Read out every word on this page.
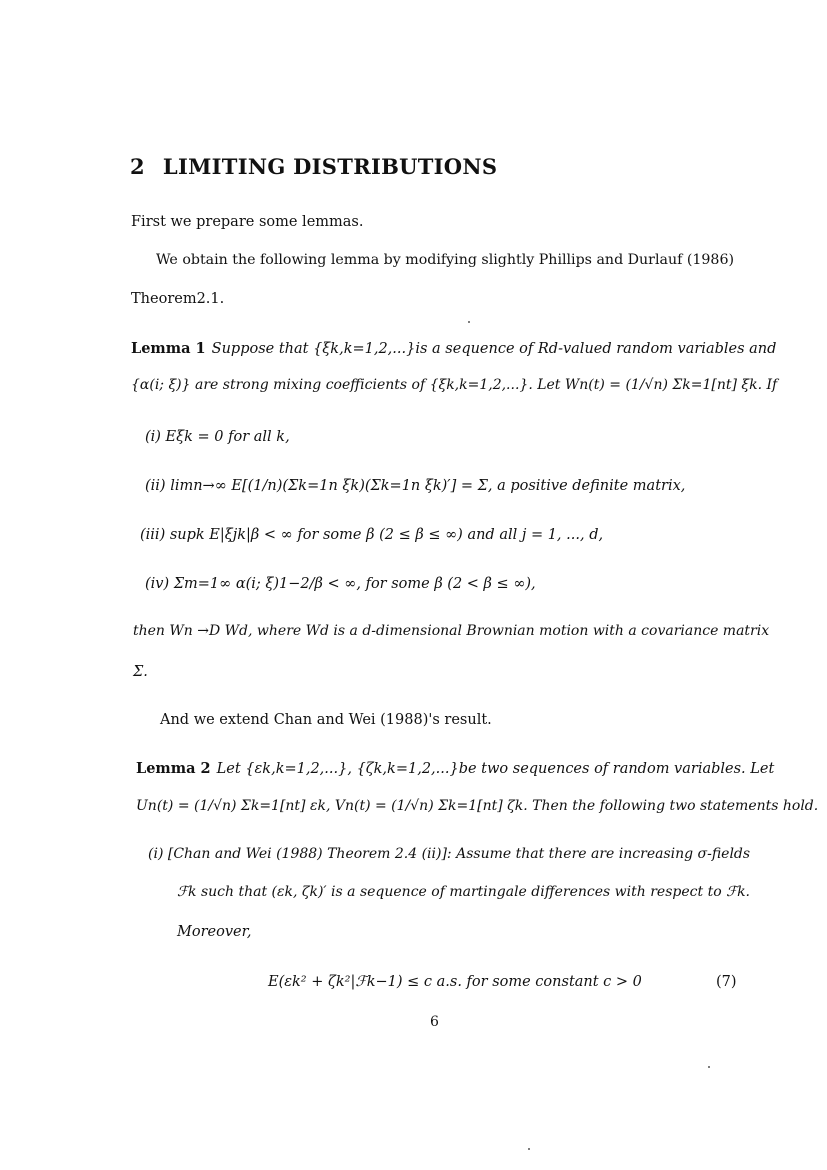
2 LIMITING DISTRIBUTIONS
First we prepare some lemmas.
We obtain the following lemma by modifying slightly Phillips and Durlauf (1986)
Theorem2.1.
Lemma 1 Suppose that {ξk,k=1,2,...}is a sequence of Rd-valued random variables and
{α(i; ξ)} are strong mixing coefficients of {ξk,k=1,2,...}. Let Wn(t) = (1/√n) Σk=1[nt] ξk. If
(i) Eξk = 0 for all k,
(ii) limn→∞ E[(1/n)(Σk=1n ξk)(Σk=1n ξk)′] = Σ, a positive definite matrix,
(iii) supk E|ξjk|β < ∞ for some β (2 ≤ β ≤ ∞) and all j = 1, ..., d,
(iv) Σm=1∞ α(i; ξ)1−2/β < ∞, for some β (2 < β ≤ ∞),
then Wn →D Wd, where Wd is a d-dimensional Brownian motion with a covariance matrix
Σ.
And we extend Chan and Wei (1988)'s result.
Lemma 2 Let {εk,k=1,2,...}, {ζk,k=1,2,...}be two sequences of random variables. Let
Un(t) = (1/√n) Σk=1[nt] εk, Vn(t) = (1/√n) Σk=1[nt] ζk. Then the following two statements hold.
(i) [Chan and Wei (1988) Theorem 2.4 (ii)]: Assume that there are increasing σ-fields
ℱk such that (εk, ζk)′ is a sequence of martingale differences with respect to ℱk.
Moreover,
E(εk² + ζk²|ℱk−1) ≤ c a.s. for some constant c > 0	(7)
6
